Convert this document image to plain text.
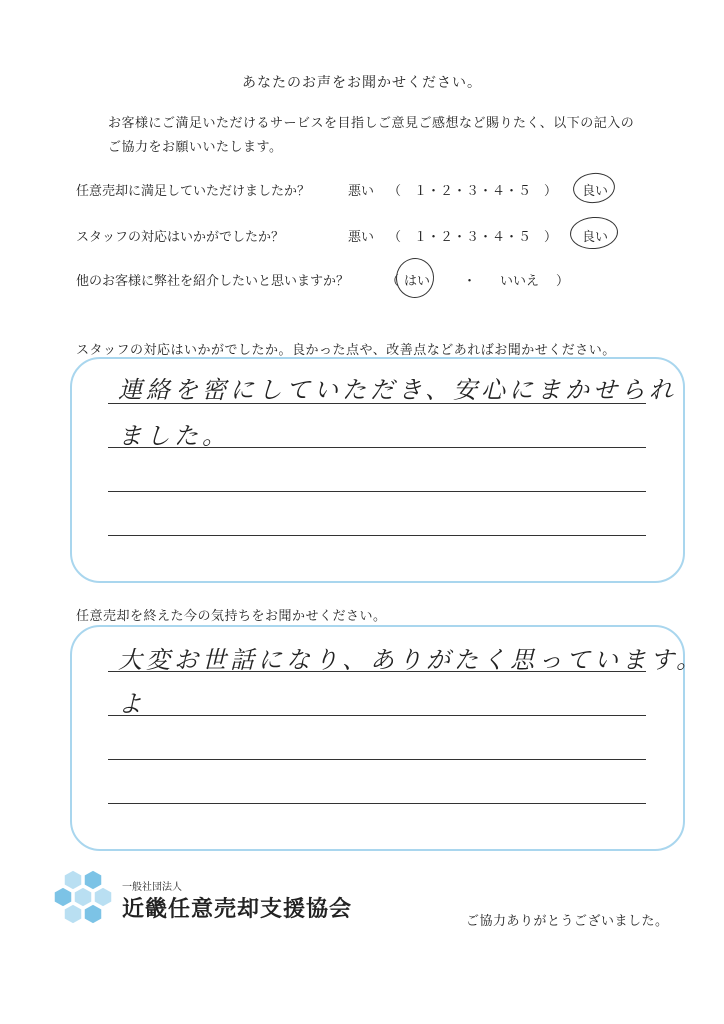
あなたのお声をお聞かせください。
お客様にご満足いただけるサービスを目指しご意見ご感想など賜りたく、以下の記入の
ご協力をお願いいたします。
任意売却に満足していただけましたか？	悪い （　１・２・３・４・５　） 良い
スタッフの対応はいかがでしたか？	悪い （　１・２・３・４・５　） 良い
他のお客様に弊社を紹介したいと思いますか？	（ はい	・ いいえ ）
スタッフの対応はいかがでしたか。良かった点や、改善点などあればお聞かせください。
連絡を密にしていただき、安心にまかせられ
ました。
任意売却を終えた今の気持ちをお聞かせください。
大変お世話になり、ありがたく思っています。
よ
一般社団法人
近畿任意売却支援協会	ご協力ありがとうございました。
